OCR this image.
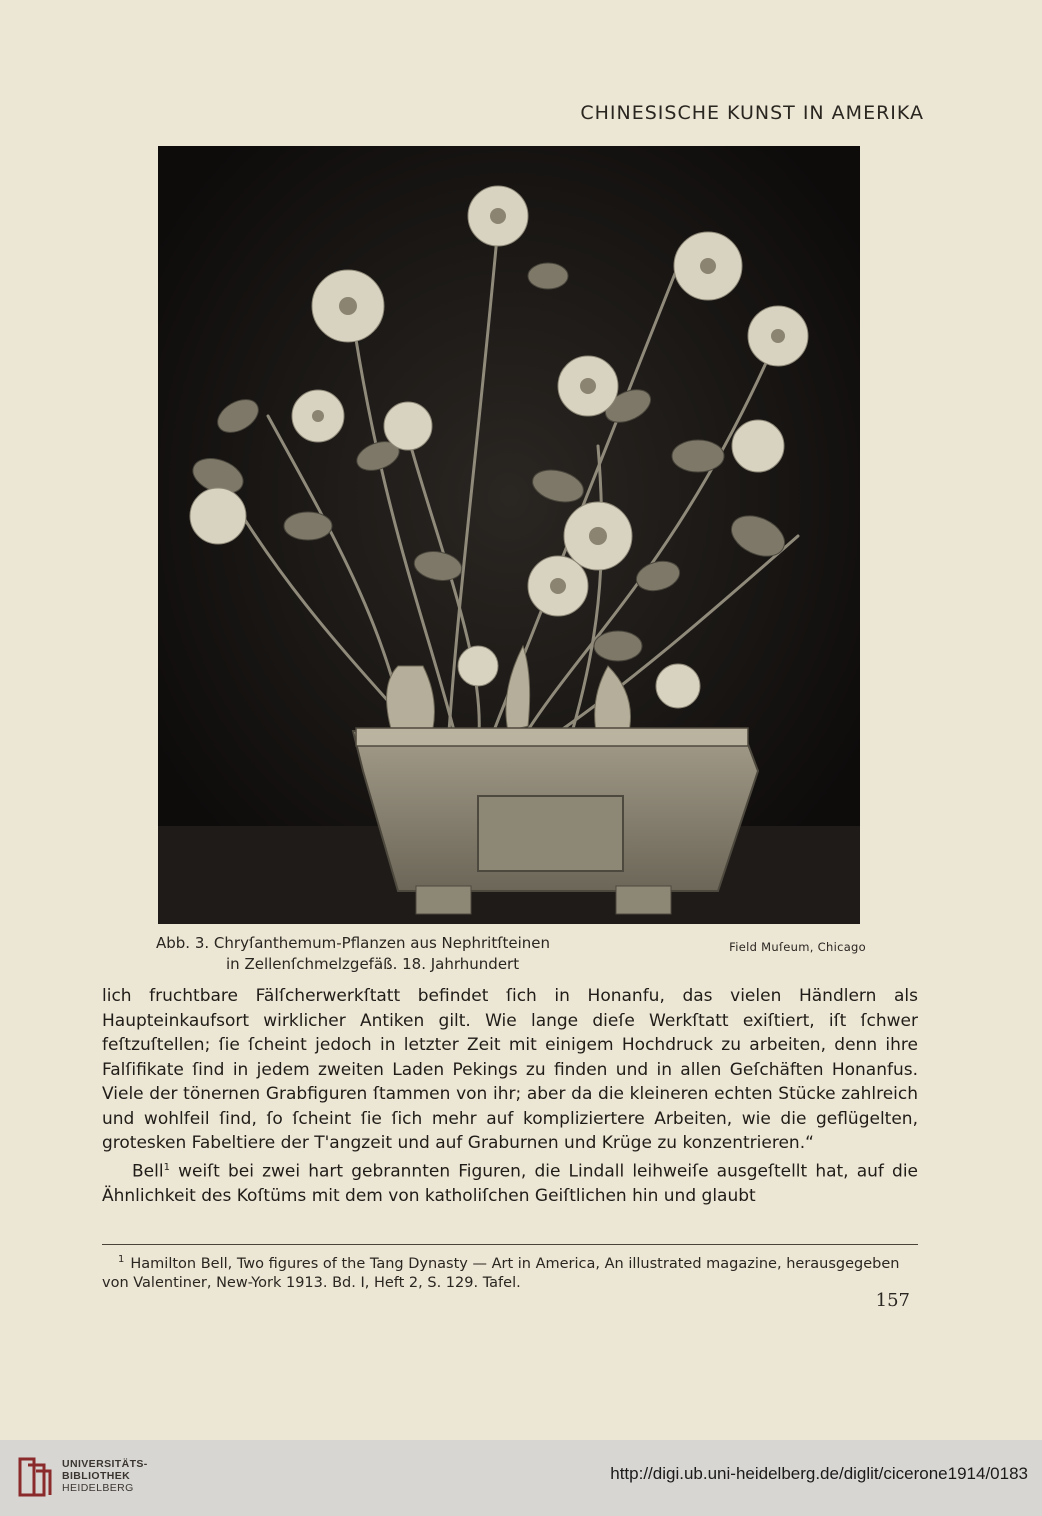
CHINESISCHE KUNST IN AMERIKA
Abb. 3. Chryſanthemum-Pflanzen aus Nephritſteinen
in Zellenſchmelzgefäß. 18. Jahrhundert
Field Muſeum, Chicago

lich fruchtbare Fälſcherwerkſtatt befindet ſich in Honanfu, das vielen Händlern als Haupteinkaufsort wirklicher Antiken gilt. Wie lange dieſe Werkſtatt exiſtiert, iſt ſchwer feſtzuſtellen; ſie ſcheint jedoch in letzter Zeit mit einigem Hochdruck zu arbeiten, denn ihre Falſifikate ſind in jedem zweiten Laden Pekings zu finden und in allen Geſchäften Honanfus. Viele der tönernen Grabfiguren ſtammen von ihr; aber da die kleineren echten Stücke zahlreich und wohlfeil ſind, ſo ſcheint ſie ſich mehr auf kompliziertere Arbeiten, wie die geflügelten, grotesken Fabeltiere der T'angzeit und auf Graburnen und Krüge zu konzentrieren.“

Bell$^1$ weiſt bei zwei hart gebrannten Figuren, die Lindall leihweiſe ausgeſtellt hat, auf die Ähnlichkeit des Koſtüms mit dem von katholiſchen Geiſtlichen hin und glaubt

$^1$ Hamilton Bell, Two figures of the Tang Dynasty — Art in America, An illustrated magazine, herausgegeben von Valentiner, New-York 1913. Bd. I, Heft 2, S. 129. Tafel.
157
UNIVERSITÄTS-
BIBLIOTHEK
HEIDELBERG
http://digi.ub.uni-heidelberg.de/diglit/cicerone1914/0183
